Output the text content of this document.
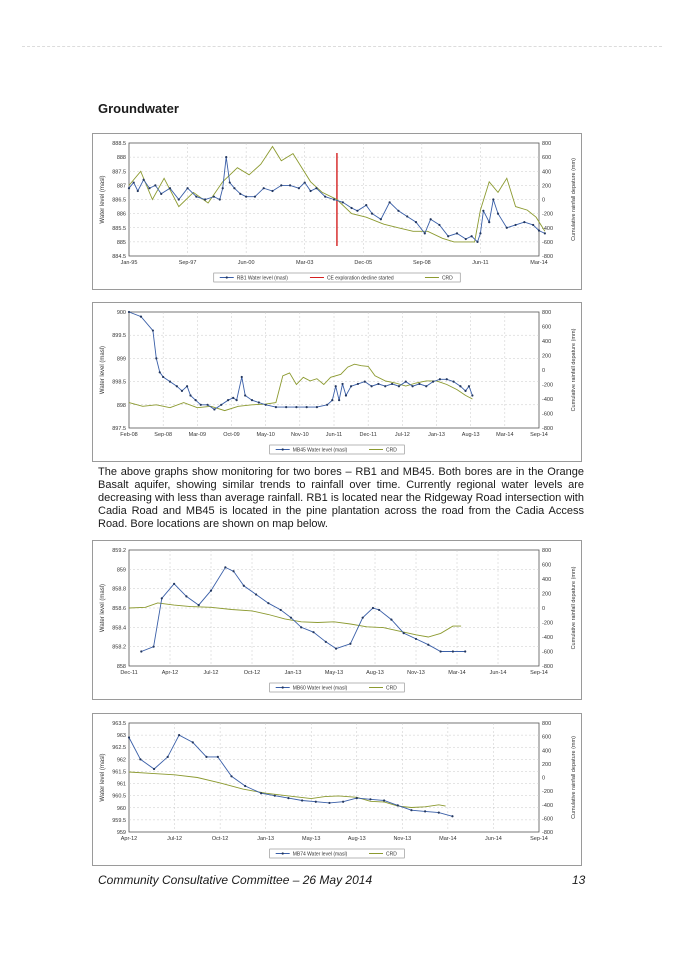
Groundwater
888.5
888
887.5
887
886.5
886
885.5
885
884.5
800
600
400
200
0
-200
-400
-600
-800
Jan-95	Sep-97	Jun-00	Mar-03	Dec-05	Sep-08	Jun-11	Mar-14
Water level (masl)	Cumulative rainfall depature (mm)
RB1 Water level (masl)	CE exploration decline started	CRD
900
899.5
899
898.5
898
897.5
800
600
400
200
0
-200
-400
-600
-800
Feb-08	Sep-08	Mar-09	Oct-09	May-10	Nov-10	Jun-11	Dec-11	Jul-12	Jan-13	Aug-13	Mar-14	Sep-14
Water level (masl)	Cumulative rainfall depature (mm)
MB45 Water level (masl)	CRD
The above graphs show monitoring for two bores – RB1 and MB45. Both bores are in the Orange Basalt aquifer, showing similar trends to rainfall over time. Currently regional water levels are decreasing with less than average rainfall. RB1 is located near the Ridgeway Road intersection with Cadia Road and MB45 is located in the pine plantation across the road from the Cadia Access Road. Bore locations are shown on map below.
859.2
859
858.8
858.6
858.4
858.2
858
800
600
400
200
0
-200
-400
-600
-800
Dec-11	Apr-12	Jul-12	Oct-12	Jan-13	May-13	Aug-13	Nov-13	Mar-14	Jun-14	Sep-14
Water level (masl)	Cumulative rainfall depature (mm)
MB60 Water level (masl)	CRD
963.5
963
962.5
962
961.5
961
960.5
960
959.5
959
800
600
400
200
0
-200
-400
-600
-800
Apr-12	Jul-12	Oct-12	Jan-13	May-13	Aug-13	Nov-13	Mar-14	Jun-14	Sep-14
Water level (masl)	Cumulative rainfall depature (mm)
MB74 Water level (masl)	CRD
Community Consultative Committee – 26 May 2014	13
